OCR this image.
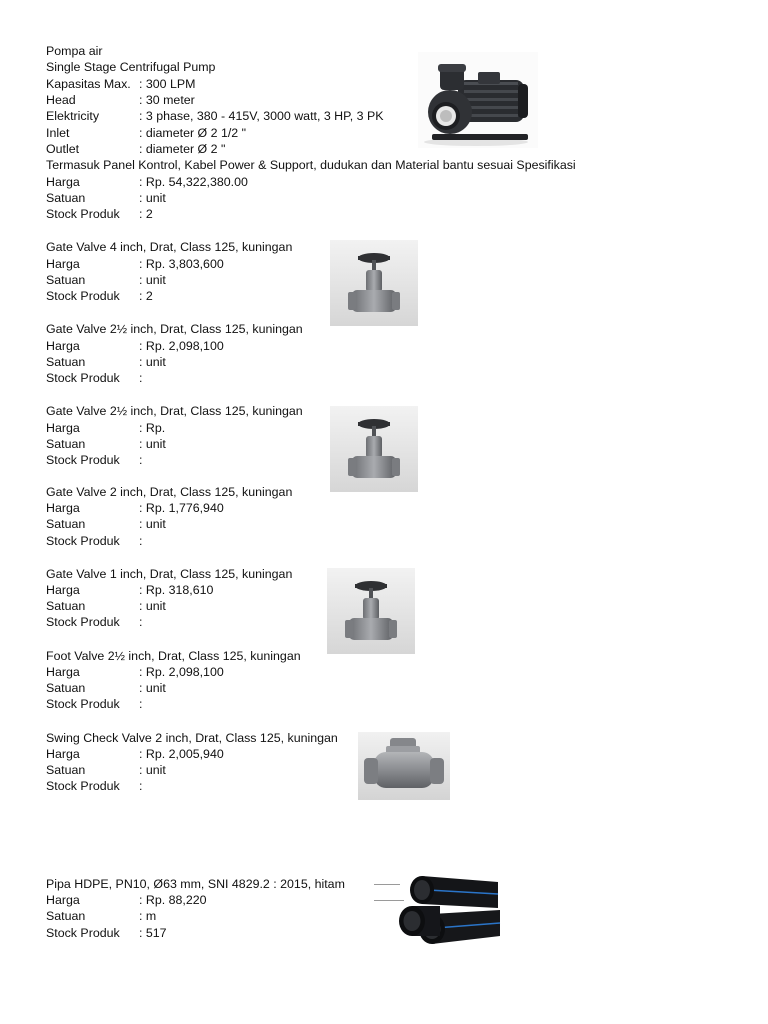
Pompa air
Single Stage Centrifugal Pump
Kapasitas Max. : 300 LPM
Head	: 30 meter
Elektricity	: 3 phase, 380 - 415V, 3000 watt, 3 HP, 3 PK
Inlet	: diameter Ø 2 1/2 "
Outlet	: diameter Ø 2 "
Termasuk Panel Kontrol, Kabel Power & Support, dudukan dan Material bantu sesuai Spesifikasi
Harga	: Rp. 54,322,380.00
Satuan	: unit
Stock Produk : 2
Gate Valve 4 inch, Drat, Class 125, kuningan
Harga	: Rp. 3,803,600
Satuan	: unit
Stock Produk : 2
Gate Valve 2½ inch, Drat, Class 125, kuningan
Harga	: Rp. 2,098,100
Satuan	: unit
Stock Produk :
Gate Valve 2½ inch, Drat, Class 125, kuningan
Harga	: Rp.
Satuan	: unit
Stock Produk :
Gate Valve 2 inch, Drat, Class 125, kuningan
Harga	: Rp. 1,776,940
Satuan	: unit
Stock Produk :
Gate Valve 1 inch, Drat, Class 125, kuningan
Harga	: Rp. 318,610
Satuan	: unit
Stock Produk :
Foot Valve 2½ inch, Drat, Class 125, kuningan
Harga	: Rp. 2,098,100
Satuan	: unit
Stock Produk :
Swing Check Valve 2 inch, Drat, Class 125, kuningan
Harga	: Rp. 2,005,940
Satuan	: unit
Stock Produk :
Pipa HDPE, PN10, Ø63 mm, SNI 4829.2 : 2015, hitam
Harga	: Rp. 88,220
Satuan	: m
Stock Produk : 517
